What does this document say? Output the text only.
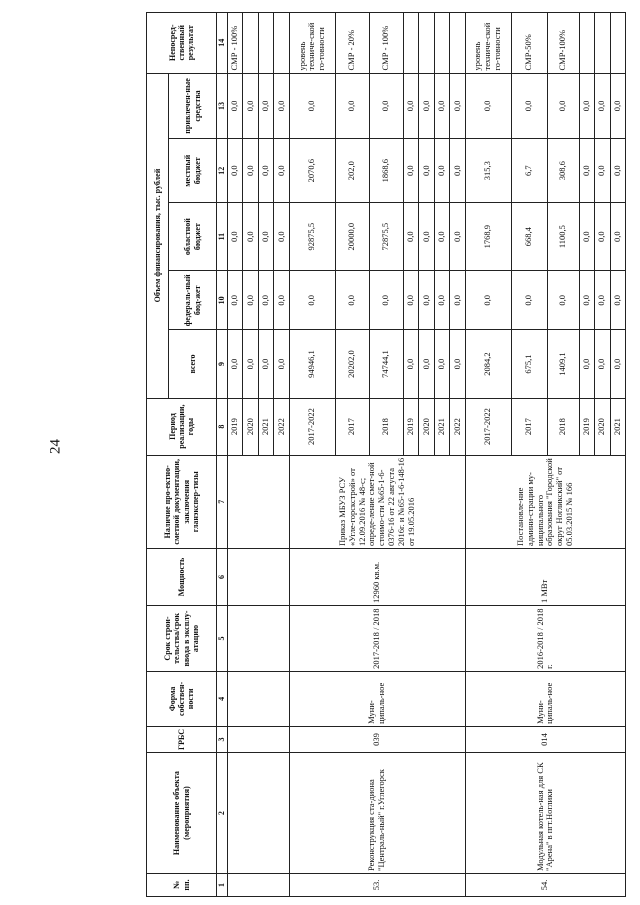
24
№ пп.	Наименование объекта (мероприятия)	ГРБС	Форма собствен-ности	Срок строи-тельства/срок ввода в эксплу-атацию	Мощность	Наличие про-ектно-сметной документации, заключения гланэкспер-тизы	Период реализации, годы	Объем финансирования, тыс. рублей					Непосред-ственный результат
								всего	федераль-ный бюд-жет	областной бюджет	местный бюджет	привлечен-ные средства	
1	2	3	4	5	6	7	8	9	10	11	12	13	14
							2019	0,0	0,0	0,0	0,0	0,0	СМР - 100%
							2020	0,0	0,0	0,0	0,0	0,0	
							2021	0,0	0,0	0,0	0,0	0,0	
							2022	0,0	0,0	0,0	0,0	0,0	
53.	Реконструкция ста-диона "Централь-ный" г.Углегорск	039	Муни-ципаль-ное	2017-2018 / 2018	12960 кв.м.	Приказ МБУЗ РСУ «Угле-горскстрой» от 12.09.2016 № 48-с; опреде-ление смет-ной стоимо-сти №65-1-6-0376-16 от 22 августа 2016г. и №65-1-6-148-16 от 19.05.2016	2017-2022	94946,1	0,0	92875,5	2070,6	0,0	уровень техниче-ской го-товности
							2017	20202,0	0,0	20000,0	202,0	0,0	СМР - 20%
							2018	74744,1	0,0	72875,5	1868,6	0,0	СМР - 100%
							2019	0,0	0,0	0,0	0,0	0,0	
							2020	0,0	0,0	0,0	0,0	0,0	
							2021	0,0	0,0	0,0	0,0	0,0	
							2022	0,0	0,0	0,0	0,0	0,0	
54.	Модульная котель-ная для СК "Арена" в пгт.Ноглики	014	Муни-ципаль-ное	2016-2018 / 2018 г.	1 МВт	Постановле-ние админи-страции му-ниципального образования "Городской округ Ногликский" от 05.03.2015 № 166	2017-2022	2084,2	0,0	1768,9	315,3	0,0	уровень техниче-ской го-товности
							2017	675,1	0,0	668,4	6,7	0,0	СМР-50%
							2018	1409,1	0,0	1100,5	308,6	0,0	СМР-100%
							2019	0,0	0,0	0,0	0,0	0,0	
							2020	0,0	0,0	0,0	0,0	0,0	
							2021	0,0	0,0	0,0	0,0	0,0	
